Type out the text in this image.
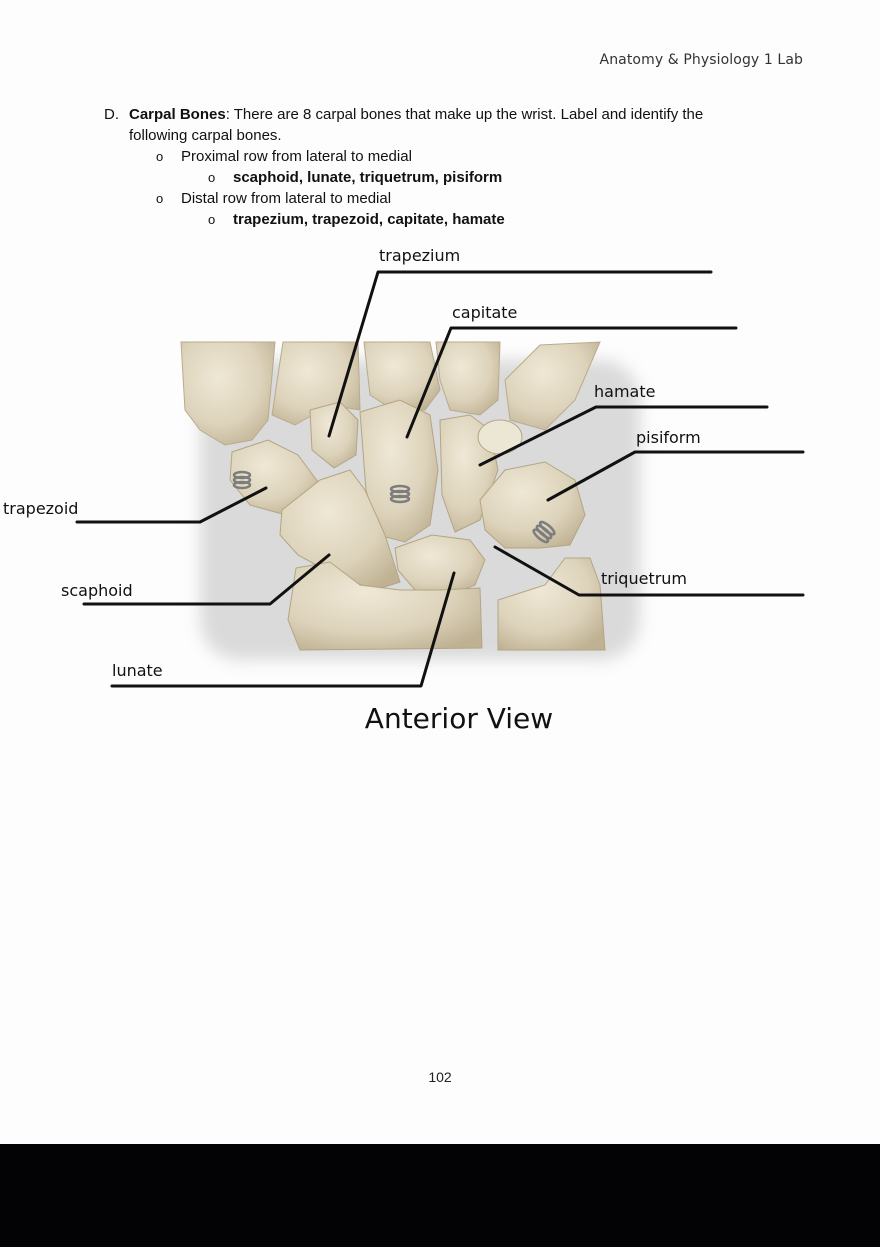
Anatomy & Physiology 1 Lab
D. Carpal Bones: There are 8 carpal bones that make up the wrist. Label and identify the
following carpal bones.
o	Proximal row from lateral to medial
o	scaphoid, lunate, triquetrum, pisiform
o	Distal row from lateral to medial
o	trapezium, trapezoid, capitate, hamate
trapezium
capitate
hamate
pisiform
trapezoid
scaphoid
triquetrum
lunate
Anterior View
102
